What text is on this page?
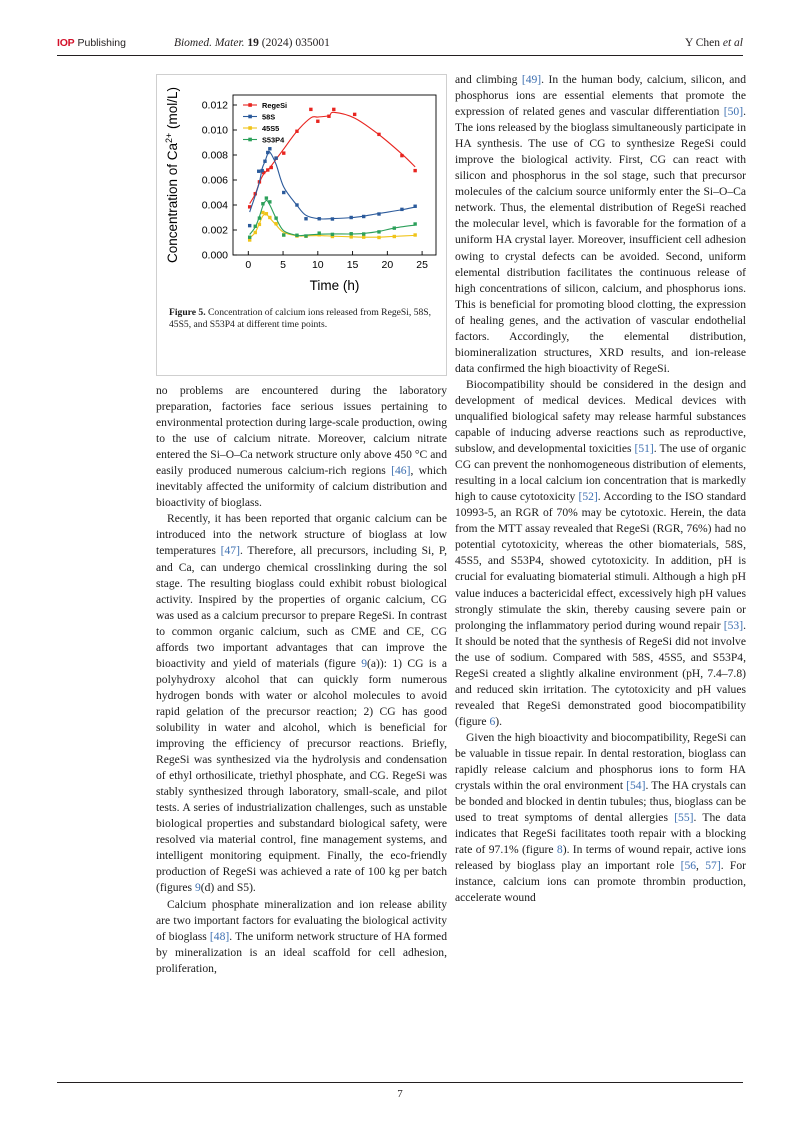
IOP Publishing	Biomed. Mater. 19 (2024) 035001	Y Chen et al
0	5 10 15 20 25
0.000
0.002
0.004
0.006
0.008
0.010
0.012
Time (h)
Concentration of $Ca^{2+}$ (mol/L)	RegeSi
58S
45S5
S53P4
Figure 5. Concentration of calcium ions released from RegeSi, 58S, 45S5, and S53P4 at different time points.

no problems are encountered during the laboratory preparation, factories face serious issues pertaining to environmental protection during large-scale production, owing to the use of calcium nitrate. Moreover, calcium nitrate entered the Si–O–Ca network structure only above 450 °C and easily produced numerous calcium-rich regions [46], which inevitably affected the uniformity of calcium distribution and bioactivity of bioglass.

Recently, it has been reported that organic calcium can be introduced into the network structure of bioglass at low temperatures [47]. Therefore, all precursors, including Si, P, and Ca, can undergo chemical crosslinking during the sol stage. The resulting bioglass could exhibit robust biological activity. Inspired by the properties of organic calcium, CG was used as a calcium precursor to prepare RegeSi. In contrast to common organic calcium, such as CME and CE, CG affords two important advantages that can improve the bioactivity and yield of materials (figure 9(a)): 1) CG is a polyhydroxy alcohol that can quickly form numerous hydrogen bonds with water or alcohol molecules to avoid rapid gelation of the precursor reaction; 2) CG has good solubility in water and alcohol, which is beneficial for improving the efficiency of precursor reactions. Briefly, RegeSi was synthesized via the hydrolysis and condensation of ethyl orthosilicate, triethyl phosphate, and CG. RegeSi was stably synthesized through laboratory, small-scale, and pilot tests. A series of industrialization challenges, such as unstable biological properties and substandard biological safety, were resolved via material control, fine management systems, and intelligent monitoring equipment. Finally, the eco-friendly production of RegeSi was achieved a rate of 100 kg per batch (figures 9(d) and S5).

Calcium phosphate mineralization and ion release ability are two important factors for evaluating the biological activity of bioglass [48]. The uniform network structure of HA formed by mineralization is an ideal scaffold for cell adhesion, proliferation,

and climbing [49]. In the human body, calcium, silicon, and phosphorus ions are essential elements that promote the expression of related genes and vascular differentiation [50]. The ions released by the bioglass simultaneously participate in HA synthesis. The use of CG to synthesize RegeSi could improve the biological activity. First, CG can react with silicon and phosphorus in the sol stage, such that precursor molecules of the calcium source uniformly enter the Si–O–Ca network. Thus, the elemental distribution of RegeSi reached the molecular level, which is favorable for the formation of a uniform HA crystal layer. Moreover, insufficient cell adhesion owing to crystal defects can be avoided. Second, uniform elemental distribution facilitates the continuous release of high concentrations of silicon, calcium, and phosphorus ions. This is beneficial for promoting blood clotting, the expression of healing genes, and the activation of vascular endothelial factors. Accordingly, the elemental distribution, biomineralization structures, XRD results, and ion-release data confirmed the high bioactivity of RegeSi.

Biocompatibility should be considered in the design and development of medical devices. Medical devices with unqualified biological safety may release harmful substances capable of inducing adverse reactions such as reproductive, subslow, and developmental toxicities [51]. The use of organic CG can prevent the nonhomogeneous distribution of elements, resulting in a local calcium ion concentration that is markedly high to cause cytotoxicity [52]. According to the ISO standard 10993-5, an RGR of 70% may be cytotoxic. Herein, the data from the MTT assay revealed that RegeSi (RGR, 76%) had no potential cytotoxicity, whereas the other biomaterials, 58S, 45S5, and S53P4, showed cytotoxicity. In addition, pH is crucial for evaluating biomaterial stimuli. Although a high pH value induces a bactericidal effect, excessively high pH values strongly stimulate the skin, thereby causing severe pain or prolonging the inflammatory period during wound repair [53]. It should be noted that the synthesis of RegeSi did not involve the use of sodium. Compared with 58S, 45S5, and S53P4, RegeSi created a slightly alkaline environment (pH, 7.4–7.8) and reduced skin irritation. The cytotoxicity and pH values revealed that RegeSi demonstrated good biocompatibility (figure 6).

Given the high bioactivity and biocompatibility, RegeSi can be valuable in tissue repair. In dental restoration, bioglass can rapidly release calcium and phosphorus ions to form HA crystals within the oral environment [54]. The HA crystals can be bonded and blocked in dentin tubules; thus, bioglass can be used to treat symptoms of dental allergies [55]. The data indicates that RegeSi facilitates tooth repair with a blocking rate of 97.1% (figure 8). In terms of wound repair, active ions released by bioglass play an important role [56, 57]. For instance, calcium ions can promote thrombin production, accelerate wound

7
